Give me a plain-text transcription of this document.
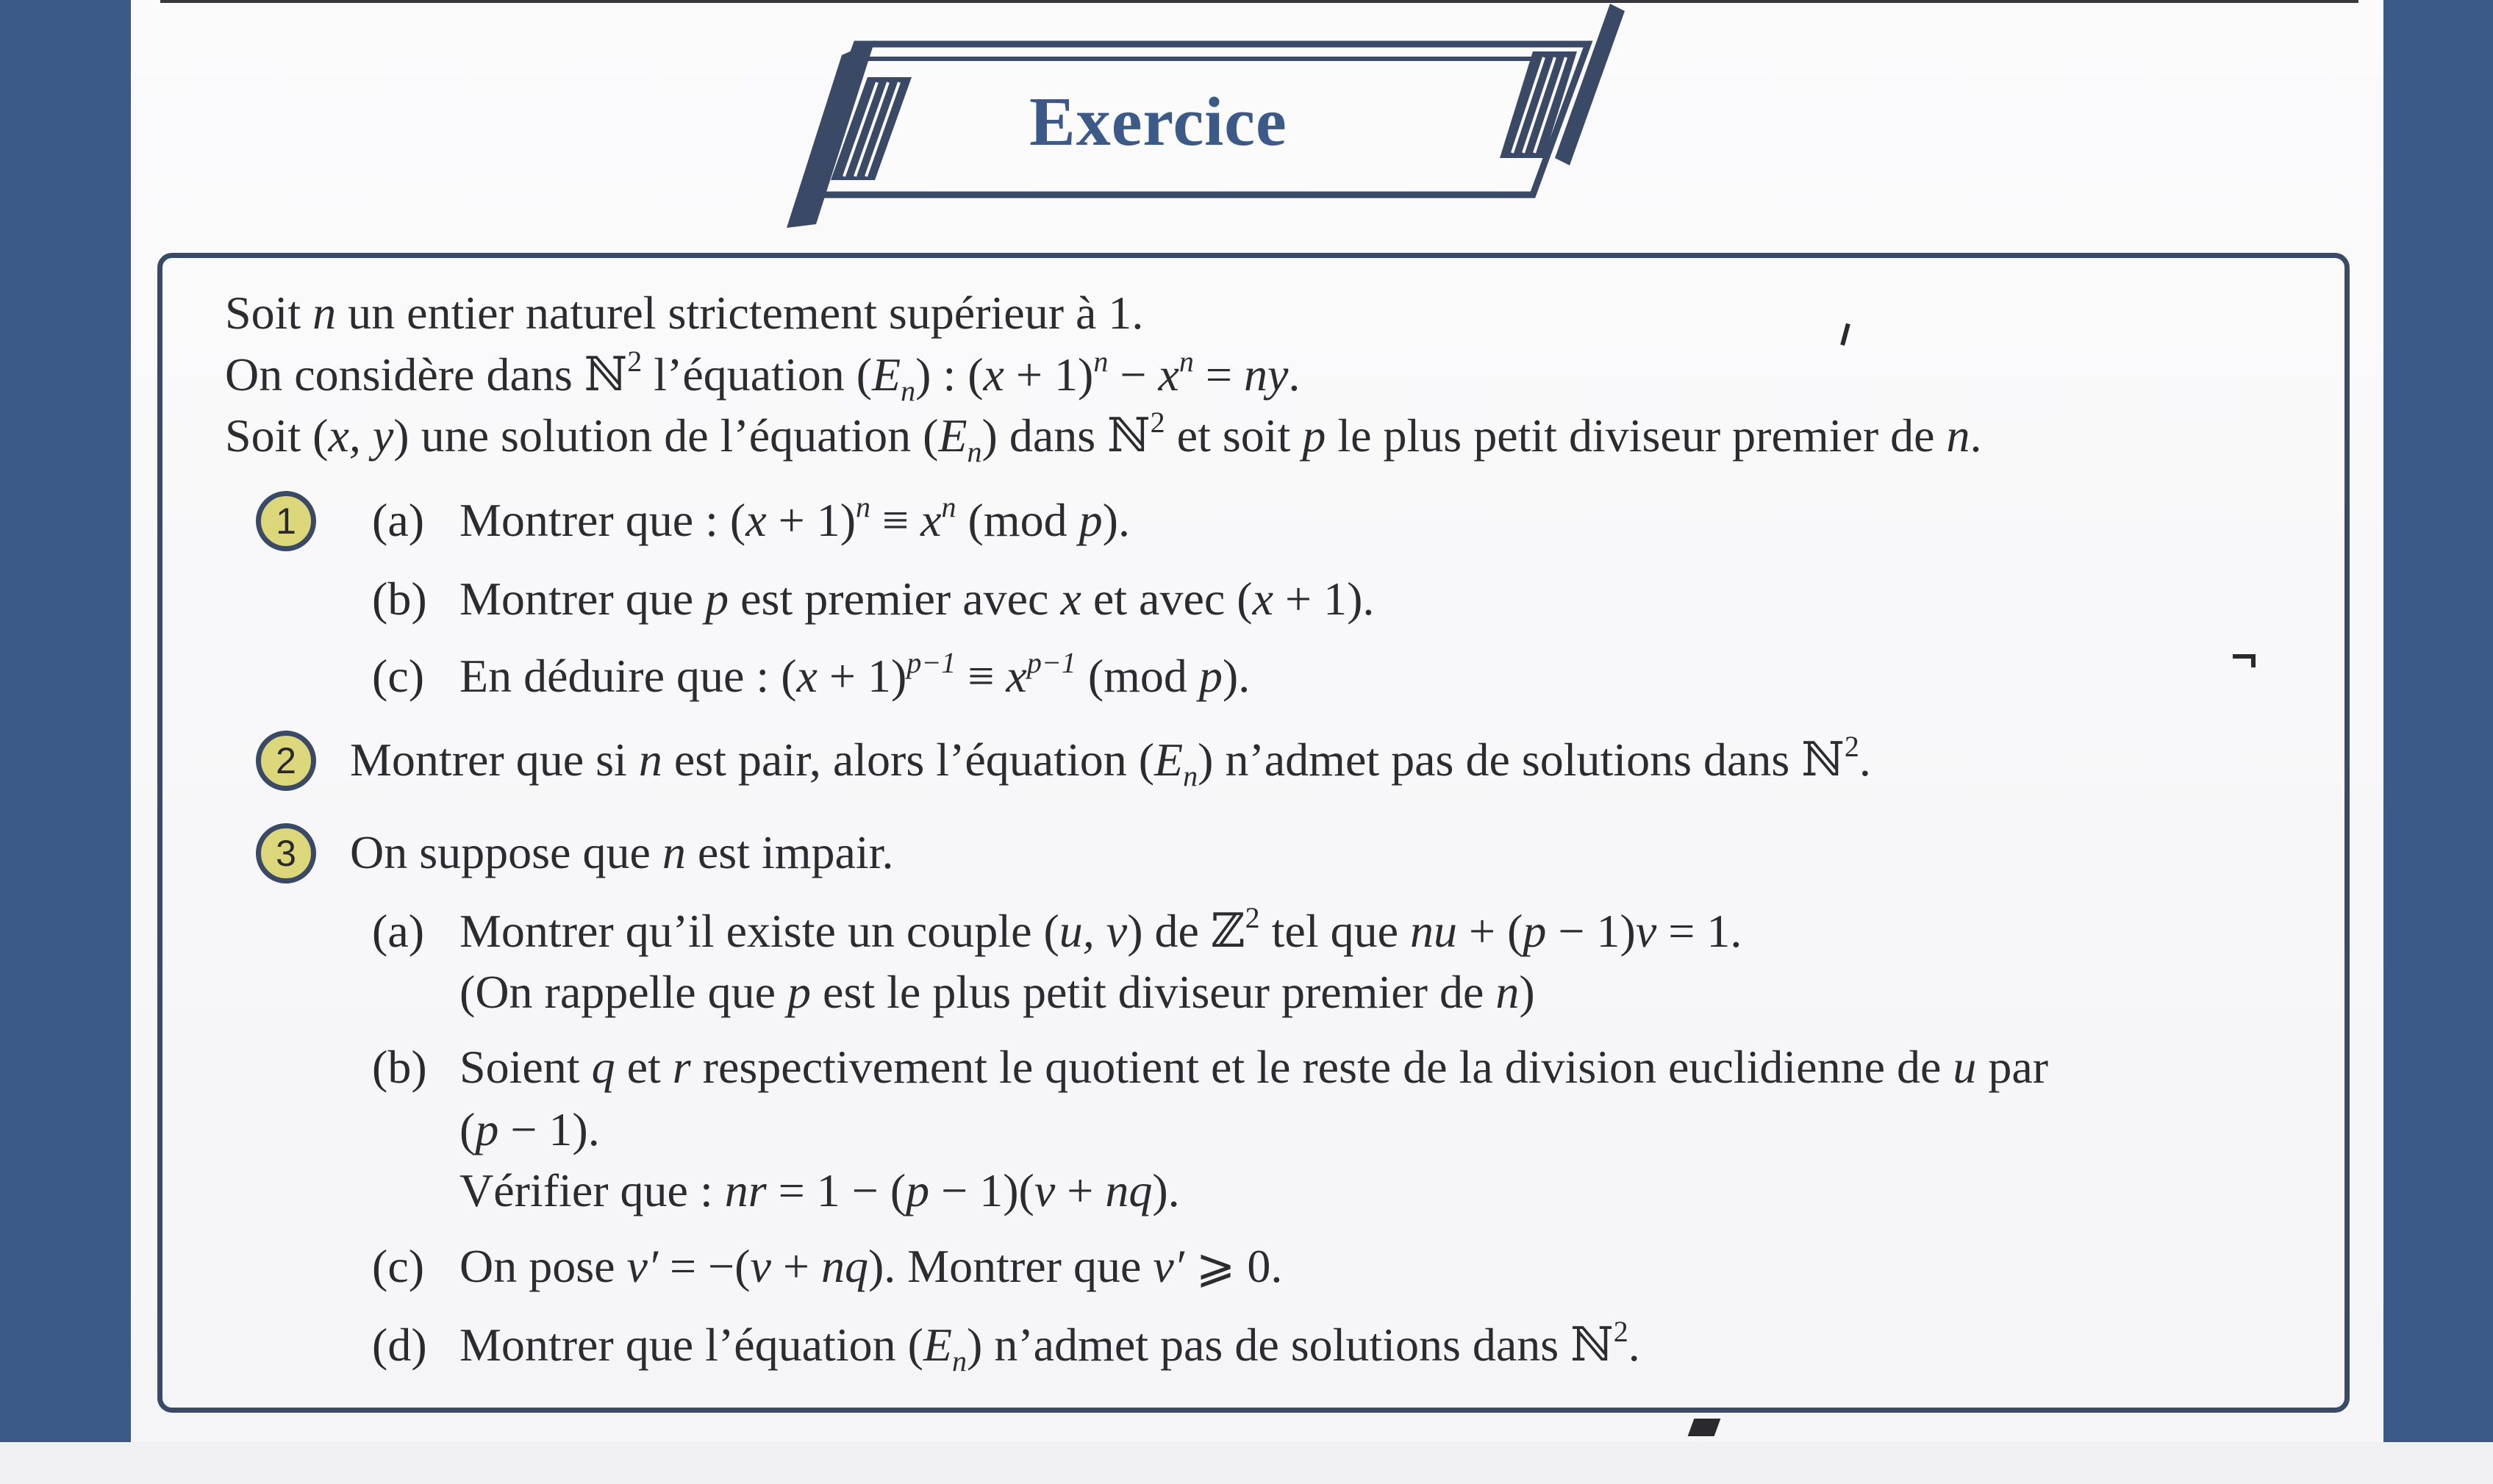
Exercice
Soit n un entier naturel strictement supérieur à 1.
On considère dans ℕ$^2$ l’équation $(E_n)$ : $(x + 1)^n - x^n$ = ny.
Soit (x, y) une solution de l’équation $(E_n)$ dans ℕ$^2$ et soit p le plus petit diviseur premier de n.
1	(a) Montrer que : $(x + 1)^n \equiv x^n$ (mod p).
(b) Montrer que p est premier avec x et avec (x + 1).
(c) En déduire que : $(x + 1)^{p-1} \equiv x^{p-1}$ (mod p).
2	Montrer que si n est pair, alors l’équation $(E_n)$ n’admet pas de solutions dans ℕ$^2$.
3	On suppose que n est impair.
(a) Montrer qu’il existe un couple (u, v) de ℤ$^2$ tel que nu + (p − 1)v = 1.
(On rappelle que p est le plus petit diviseur premier de n)
(b) Soient q et r respectivement le quotient et le reste de la division euclidienne de u par
(p − 1).
Vérifier que : nr = 1 − (p − 1)(v + nq).
(c) On pose v′ = −(v + nq). Montrer que v′ ⩾ 0.
(d) Montrer que l’équation $(E_n)$ n’admet pas de solutions dans ℕ$^2$.
